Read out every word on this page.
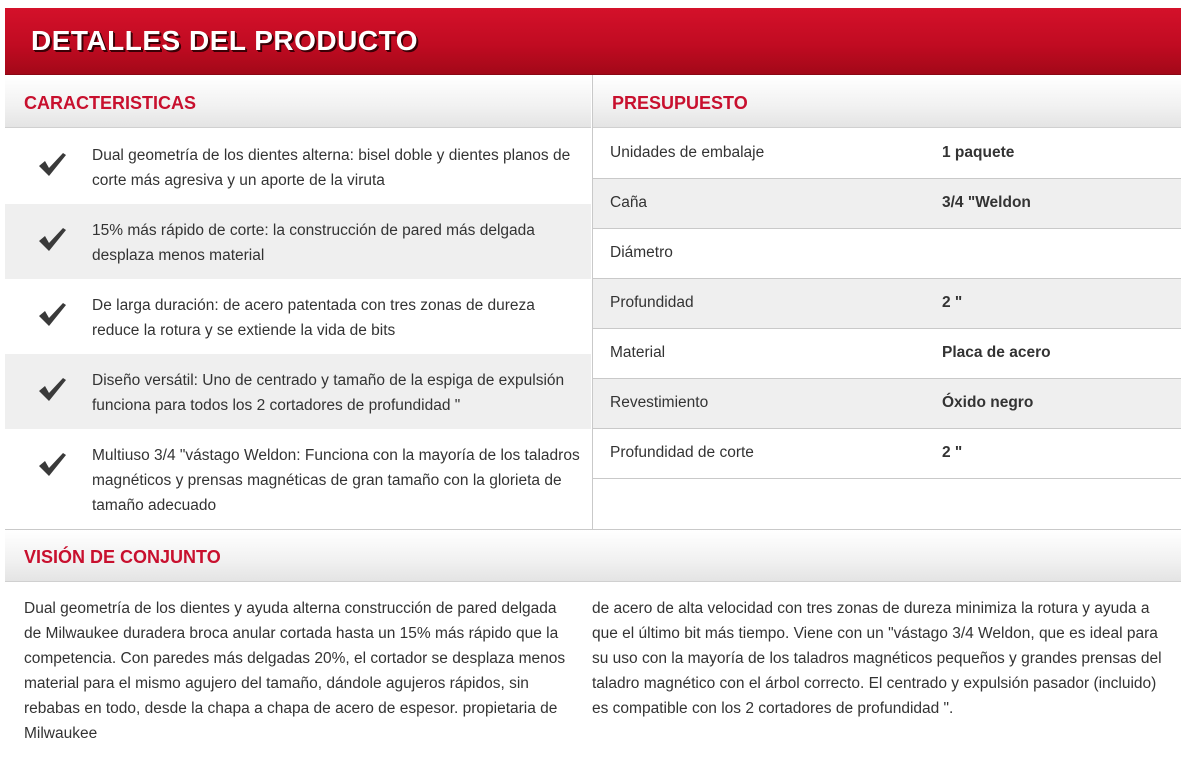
DETALLES DEL PRODUCTO
CARACTERISTICAS	PRESUPUESTO
Dual geometría de los dientes alterna: bisel doble y dientes planos de corte más agresiva y un aporte de la viruta
15% más rápido de corte: la construcción de pared más delgada desplaza menos material
De larga duración: de acero patentada con tres zonas de dureza reduce la rotura y se extiende la vida de bits
Diseño versátil: Uno de centrado y tamaño de la espiga de expulsión funciona para todos los 2 cortadores de profundidad "
Multiuso 3/4 "vástago Weldon: Funciona con la mayoría de los taladros magnéticos y prensas magnéticas de gran tamaño con la glorieta de tamaño adecuado
Unidades de embalaje	1 paquete
Caña	3/4 "Weldon
Diámetro
Profundidad	2 "
Material	Placa de acero
Revestimiento	Óxido negro
Profundidad de corte	2 "
VISIÓN DE CONJUNTO
Dual geometría de los dientes y ayuda alterna construcción de pared delgada de Milwaukee duradera broca anular cortada hasta un 15% más rápido que la competencia. Con paredes más delgadas 20%, el cortador se desplaza menos material para el mismo agujero del tamaño, dándole agujeros rápidos, sin rebabas en todo, desde la chapa a chapa de acero de espesor. propietaria de Milwaukee
de acero de alta velocidad con tres zonas de dureza minimiza la rotura y ayuda a que el último bit más tiempo. Viene con un "vástago 3/4 Weldon, que es ideal para su uso con la mayoría de los taladros magnéticos pequeños y grandes prensas del taladro magnético con el árbol correcto. El centrado y expulsión pasador (incluido) es compatible con los 2 cortadores de profundidad ".
